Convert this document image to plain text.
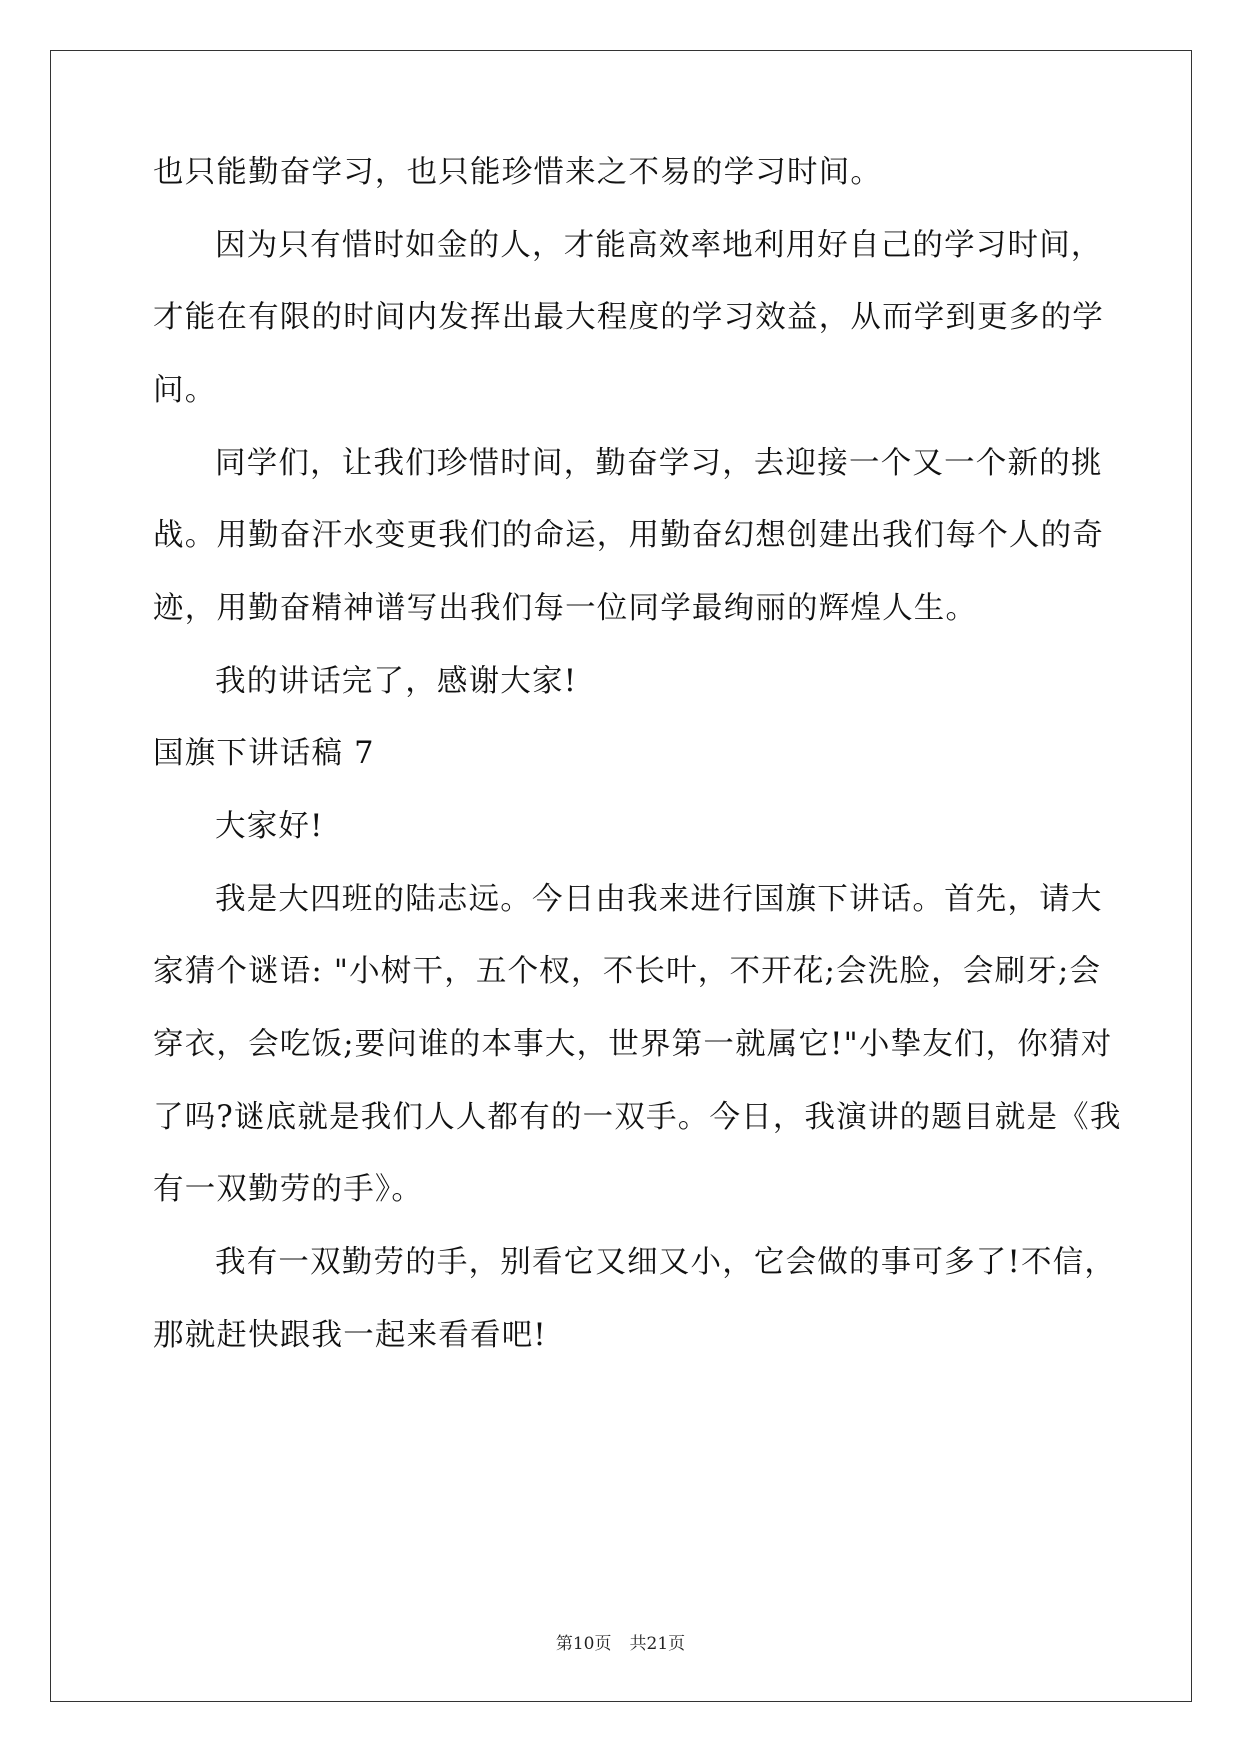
也只能勤奋学习，也只能珍惜来之不易的学习时间。
因为只有惜时如金的人，才能高效率地利用好自己的学习时间，
才能在有限的时间内发挥出最大程度的学习效益，从而学到更多的学
问。
同学们，让我们珍惜时间，勤奋学习，去迎接一个又一个新的挑
战。用勤奋汗水变更我们的命运，用勤奋幻想创建出我们每个人的奇
迹，用勤奋精神谱写出我们每一位同学最绚丽的辉煌人生。
我的讲话完了，感谢大家!
国旗下讲话稿 7
大家好!
我是大四班的陆志远。今日由我来进行国旗下讲话。首先，请大
家猜个谜语: "小树干，五个杈，不长叶，不开花;会洗脸，会刷牙;会
穿衣，会吃饭;要问谁的本事大，世界第一就属它!"小挚友们，你猜对
了吗?谜底就是我们人人都有的一双手。今日，我演讲的题目就是《我
有一双勤劳的手》。
我有一双勤劳的手，别看它又细又小，它会做的事可多了!不信，
那就赶快跟我一起来看看吧!
第10页 共21页
